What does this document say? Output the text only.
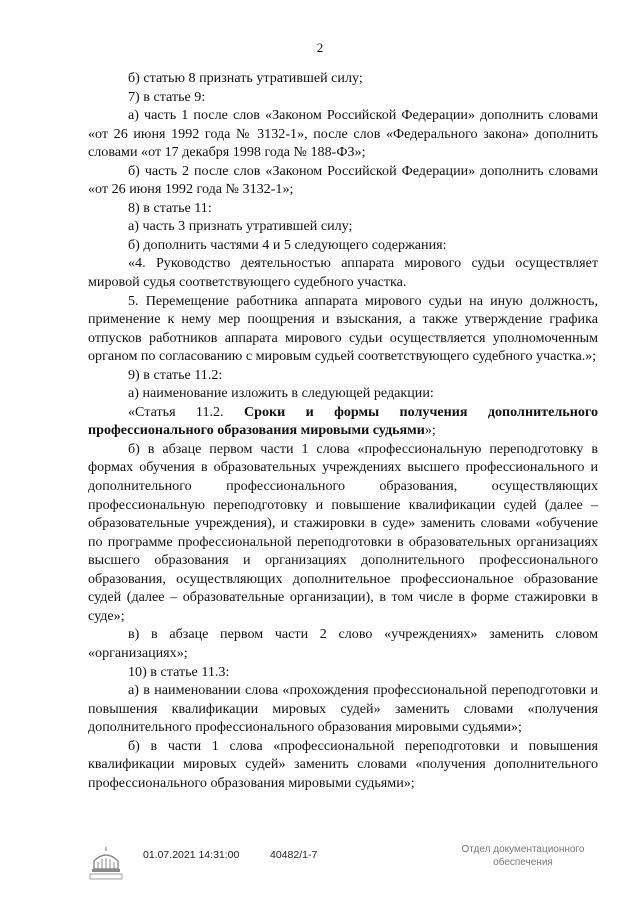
2

б) статью 8 признать утратившей силу;

7) в статье 9:

а) часть 1 после слов «Законом Российской Федерации» дополнить словами «от 26 июня 1992 года № 3132-1», после слов «Федерального закона» дополнить словами «от 17 декабря 1998 года № 188-ФЗ»;

б) часть 2 после слов «Законом Российской Федерации» дополнить словами «от 26 июня 1992 года № 3132-1»;

8) в статье 11:

а) часть 3 признать утратившей силу;

б) дополнить частями 4 и 5 следующего содержания:

«4. Руководство деятельностью аппарата мирового судьи осуществляет мировой судья соответствующего судебного участка.

5. Перемещение работника аппарата мирового судьи на иную должность, применение к нему мер поощрения и взыскания, а также утверждение графика отпусков работников аппарата мирового судьи осуществляется уполномоченным органом по согласованию с мировым судьей соответствующего судебного участка.»;

9) в статье 11.2:

а) наименование изложить в следующей редакции:

«Статья 11.2. Сроки и формы получения дополнительного профессионального образования мировыми судьями»;

б) в абзаце первом части 1 слова «профессиональную переподготовку в формах обучения в образовательных учреждениях высшего профессионального и дополнительного профессионального образования, осуществляющих профессиональную переподготовку и повышение квалификации судей (далее – образовательные учреждения), и стажировки в суде» заменить словами «обучение по программе профессиональной переподготовки в образовательных организациях высшего образования и организациях дополнительного профессионального образования, осуществляющих дополнительное профессиональное образование судей (далее – образовательные организации), в том числе в форме стажировки в суде»;

в) в абзаце первом части 2 слово «учреждениях» заменить словом «организациях»;

10) в статье 11.3:

а) в наименовании слова «прохождения профессиональной переподготовки и повышения квалификации мировых судей» заменить словами «получения дополнительного профессионального образования мировыми судьями»;

б) в части 1 слова «профессиональной переподготовки и повышения квалификации мировых судей» заменить словами «получения дополнительного профессионального образования мировыми судьями»;

01.07.2021 14:31:00	40482/1-7	Отдел документационного
обеспечения
